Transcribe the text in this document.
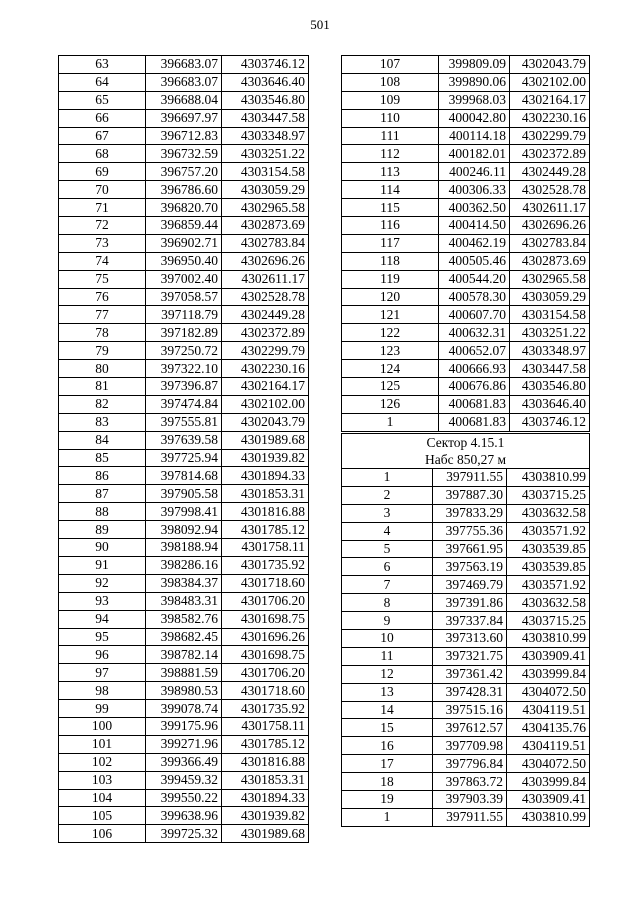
501
63	396683.07	4303746.12
64	396683.07	4303646.40
65	396688.04	4303546.80
66	396697.97	4303447.58
67	396712.83	4303348.97
68	396732.59	4303251.22
69	396757.20	4303154.58
70	396786.60	4303059.29
71	396820.70	4302965.58
72	396859.44	4302873.69
73	396902.71	4302783.84
74	396950.40	4302696.26
75	397002.40	4302611.17
76	397058.57	4302528.78
77	397118.79	4302449.28
78	397182.89	4302372.89
79	397250.72	4302299.79
80	397322.10	4302230.16
81	397396.87	4302164.17
82	397474.84	4302102.00
83	397555.81	4302043.79
84	397639.58	4301989.68
85	397725.94	4301939.82
86	397814.68	4301894.33
87	397905.58	4301853.31
88	397998.41	4301816.88
89	398092.94	4301785.12
90	398188.94	4301758.11
91	398286.16	4301735.92
92	398384.37	4301718.60
93	398483.31	4301706.20
94	398582.76	4301698.75
95	398682.45	4301696.26
96	398782.14	4301698.75
97	398881.59	4301706.20
98	398980.53	4301718.60
99	399078.74	4301735.92
100	399175.96	4301758.11
101	399271.96	4301785.12
102	399366.49	4301816.88
103	399459.32	4301853.31
104	399550.22	4301894.33
105	399638.96	4301939.82
106	399725.32	4301989.68
107	399809.09	4302043.79
108	399890.06	4302102.00
109	399968.03	4302164.17
110	400042.80	4302230.16
111	400114.18	4302299.79
112	400182.01	4302372.89
113	400246.11	4302449.28
114	400306.33	4302528.78
115	400362.50	4302611.17
116	400414.50	4302696.26
117	400462.19	4302783.84
118	400505.46	4302873.69
119	400544.20	4302965.58
120	400578.30	4303059.29
121	400607.70	4303154.58
122	400632.31	4303251.22
123	400652.07	4303348.97
124	400666.93	4303447.58
125	400676.86	4303546.80
126	400681.83	4303646.40
1	400681.83	4303746.12
Сектор 4.15.1
Набс 850,27 м		

1	397911.55	4303810.99
2	397887.30	4303715.25
3	397833.29	4303632.58
4	397755.36	4303571.92
5	397661.95	4303539.85
6	397563.19	4303539.85
7	397469.79	4303571.92
8	397391.86	4303632.58
9	397337.84	4303715.25
10	397313.60	4303810.99
11	397321.75	4303909.41
12	397361.42	4303999.84
13	397428.31	4304072.50
14	397515.16	4304119.51
15	397612.57	4304135.76
16	397709.98	4304119.51
17	397796.84	4304072.50
18	397863.72	4303999.84
19	397903.39	4303909.41
1	397911.55	4303810.99
